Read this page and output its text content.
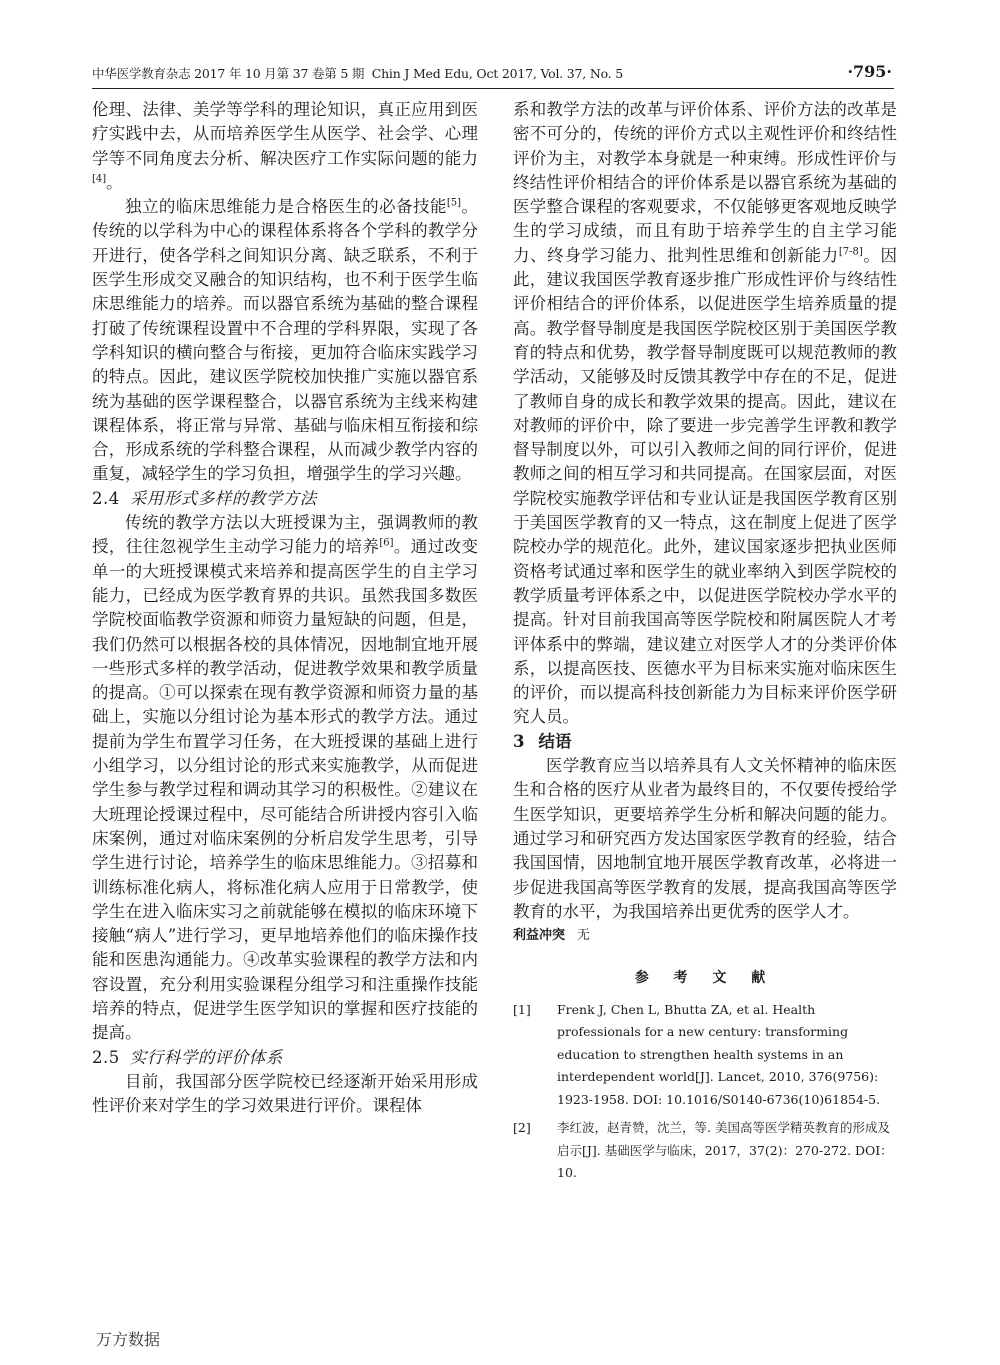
中华医学教育杂志 2017 年 10 月第 37 卷第 5 期 Chin J Med Edu, Oct 2017, Vol. 37, No. 5	·795·

伦理、法律、美学等学科的理论知识，真正应用到医疗实践中去，从而培养医学生从医学、社会学、心理学等不同角度去分析、解决医疗工作实际问题的能力[4]。

独立的临床思维能力是合格医生的必备技能[5]。传统的以学科为中心的课程体系将各个学科的教学分开进行，使各学科之间知识分离、缺乏联系，不利于医学生形成交叉融合的知识结构，也不利于医学生临床思维能力的培养。而以器官系统为基础的整合课程打破了传统课程设置中不合理的学科界限，实现了各学科知识的横向整合与衔接，更加符合临床实践学习的特点。因此，建议医学院校加快推广实施以器官系统为基础的医学课程整合，以器官系统为主线来构建课程体系，将正常与异常、基础与临床相互衔接和综合，形成系统的学科整合课程，从而减少教学内容的重复，减轻学生的学习负担，增强学生的学习兴趣。

2.4 采用形式多样的教学方法

传统的教学方法以大班授课为主，强调教师的教授，往往忽视学生主动学习能力的培养[6]。通过改变单一的大班授课模式来培养和提高医学生的自主学习能力，已经成为医学教育界的共识。虽然我国多数医学院校面临教学资源和师资力量短缺的问题，但是，我们仍然可以根据各校的具体情况，因地制宜地开展一些形式多样的教学活动，促进教学效果和教学质量的提高。①可以探索在现有教学资源和师资力量的基础上，实施以分组讨论为基本形式的教学方法。通过提前为学生布置学习任务，在大班授课的基础上进行小组学习，以分组讨论的形式来实施教学，从而促进学生参与教学过程和调动其学习的积极性。②建议在大班理论授课过程中，尽可能结合所讲授内容引入临床案例，通过对临床案例的分析启发学生思考，引导学生进行讨论，培养学生的临床思维能力。③招募和训练标准化病人，将标准化病人应用于日常教学，使学生在进入临床实习之前就能够在模拟的临床环境下接触“病人”进行学习，更早地培养他们的临床操作技能和医患沟通能力。④改革实验课程的教学方法和内容设置，充分利用实验课程分组学习和注重操作技能培养的特点，促进学生医学知识的掌握和医疗技能的提高。

2.5 实行科学的评价体系

目前，我国部分医学院校已经逐渐开始采用形成性评价来对学生的学习效果进行评价。课程体

系和教学方法的改革与评价体系、评价方法的改革是密不可分的，传统的评价方式以主观性评价和终结性评价为主，对教学本身就是一种束缚。形成性评价与终结性评价相结合的评价体系是以器官系统为基础的医学整合课程的客观要求，不仅能够更客观地反映学生的学习成绩，而且有助于培养学生的自主学习能力、终身学习能力、批判性思维和创新能力[7-8]。因此，建议我国医学教育逐步推广形成性评价与终结性评价相结合的评价体系，以促进医学生培养质量的提高。教学督导制度是我国医学院校区别于美国医学教育的特点和优势，教学督导制度既可以规范教师的教学活动，又能够及时反馈其教学中存在的不足，促进了教师自身的成长和教学效果的提高。因此，建议在对教师的评价中，除了要进一步完善学生评教和教学督导制度以外，可以引入教师之间的同行评价，促进教师之间的相互学习和共同提高。在国家层面，对医学院校实施教学评估和专业认证是我国医学教育区别于美国医学教育的又一特点，这在制度上促进了医学院校办学的规范化。此外，建议国家逐步把执业医师资格考试通过率和医学生的就业率纳入到医学院校的教学质量考评体系之中，以促进医学院校办学水平的提高。针对目前我国高等医学院校和附属医院人才考评体系中的弊端，建议建立对医学人才的分类评价体系，以提高医技、医德水平为目标来实施对临床医生的评价，而以提高科技创新能力为目标来评价医学研究人员。

3 结语

医学教育应当以培养具有人文关怀精神的临床医生和合格的医疗从业者为最终目的，不仅要传授给学生医学知识，更要培养学生分析和解决问题的能力。通过学习和研究西方发达国家医学教育的经验，结合我国国情，因地制宜地开展医学教育改革，必将进一步促进我国高等医学教育的发展，提高我国高等医学教育的水平，为我国培养出更优秀的医学人才。

利益冲突 无

参 考 文 献
[1] Frenk J, Chen L, Bhutta ZA, et al. Health professionals for a new century: transforming education to strengthen health systems in an interdependent world[J]. Lancet, 2010, 376(9756): 1923-1958. DOI: 10.1016/S0140-6736(10)61854-5.
[2] 李红波，赵青赞，沈兰，等. 美国高等医学精英教育的形成及启示[J]. 基础医学与临床，2017，37(2)：270-272. DOI：10.
万方数据
